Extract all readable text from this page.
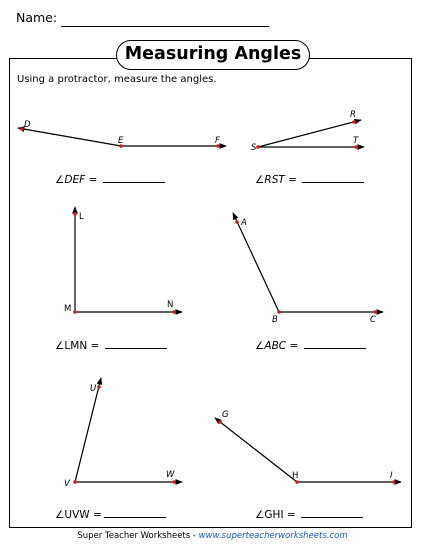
Name:
Measuring Angles
Using a protractor, measure the angles.
D
E	F
R
S
T
L
M	N
A
B	C
U
V
W
G
H	I
∠DEF =	∠RST =
∠LMN =	∠ABC =
∠UVW =	∠GHI =
Super Teacher Worksheets - www.superteacherworksheets.com
